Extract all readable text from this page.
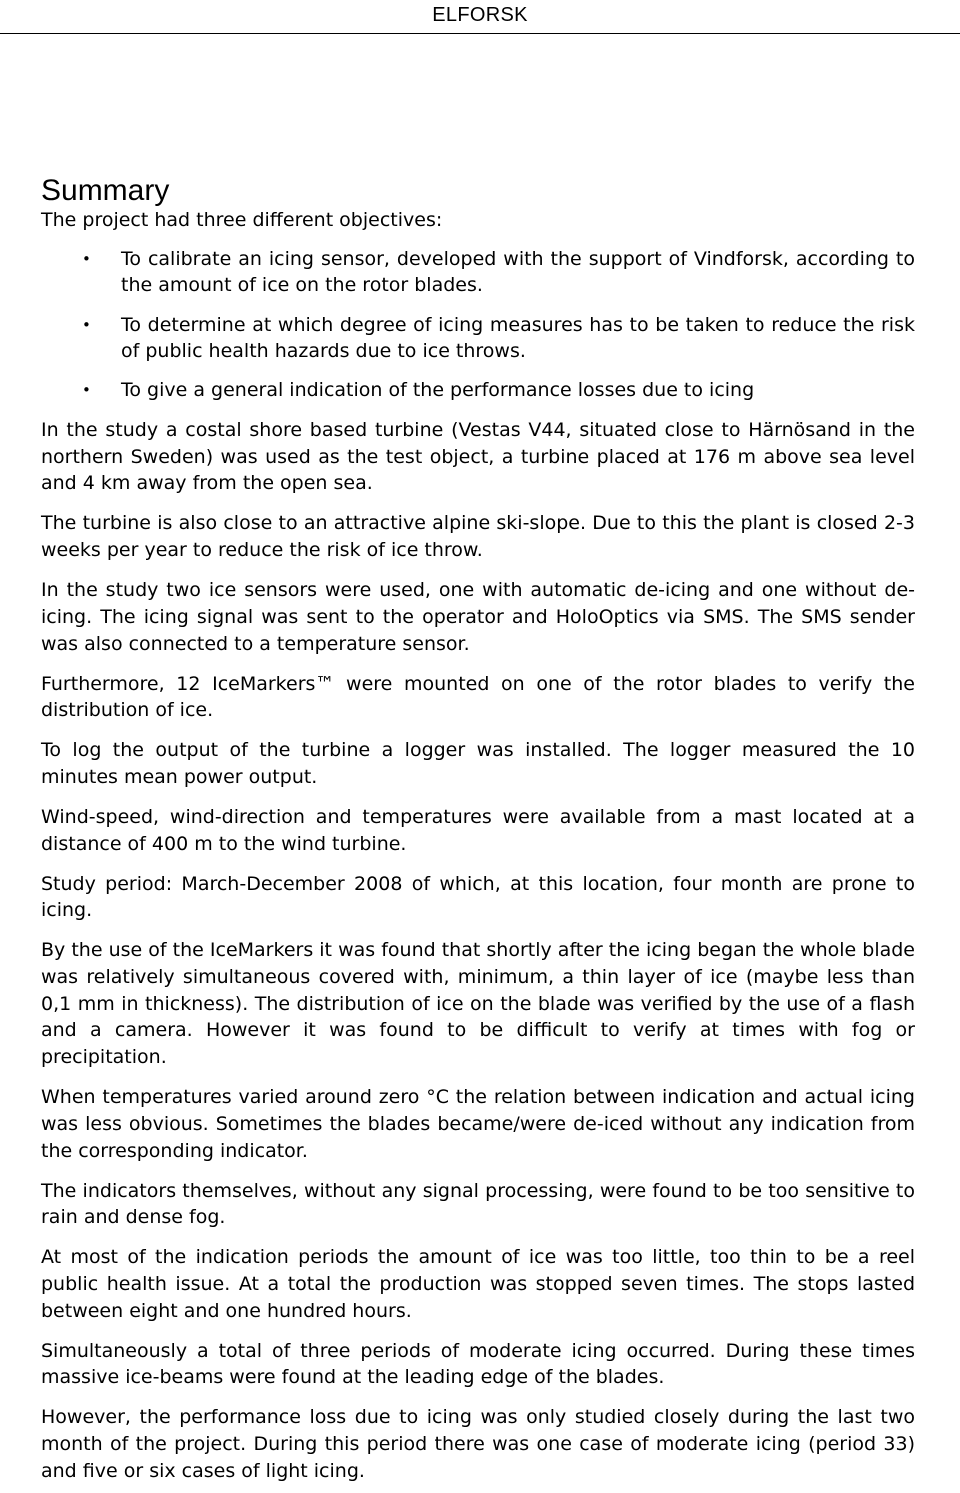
ELFORSK
Summary

The project had three different objectives:

• To calibrate an icing sensor, developed with the support of Vindforsk, according to the amount of ice on the rotor blades.
• To determine at which degree of icing measures has to be taken to reduce the risk of public health hazards due to ice throws.
• To give a general indication of the performance losses due to icing

In the study a costal shore based turbine (Vestas V44, situated close to Härnösand in the northern Sweden) was used as the test object, a turbine placed at 176 m above sea level and 4 km away from the open sea.

The turbine is also close to an attractive alpine ski-slope. Due to this the plant is closed 2-3 weeks per year to reduce the risk of ice throw.

In the study two ice sensors were used, one with automatic de-icing and one without de-icing. The icing signal was sent to the operator and HoloOptics via SMS. The SMS sender was also connected to a temperature sensor.

Furthermore, 12 IceMarkers™ were mounted on one of the rotor blades to verify the distribution of ice.

To log the output of the turbine a logger was installed. The logger measured the 10 minutes mean power output.

Wind-speed, wind-direction and temperatures were available from a mast located at a distance of 400 m to the wind turbine.

Study period: March-December 2008 of which, at this location, four month are prone to icing.

By the use of the IceMarkers it was found that shortly after the icing began the whole blade was relatively simultaneous covered with, minimum, a thin layer of ice (maybe less than 0,1 mm in thickness). The distribution of ice on the blade was verified by the use of a flash and a camera. However it was found to be difficult to verify at times with fog or precipitation.

When temperatures varied around zero °C the relation between indication and actual icing was less obvious. Sometimes the blades became/were de-iced without any indication from the corresponding indicator.

The indicators themselves, without any signal processing, were found to be too sensitive to rain and dense fog.

At most of the indication periods the amount of ice was too little, too thin to be a reel public health issue. At a total the production was stopped seven times. The stops lasted between eight and one hundred hours.

Simultaneously a total of three periods of moderate icing occurred. During these times massive ice-beams were found at the leading edge of the blades.

However, the performance loss due to icing was only studied closely during the last two month of the project. During this period there was one case of moderate icing (period 33) and five or six cases of light icing.
